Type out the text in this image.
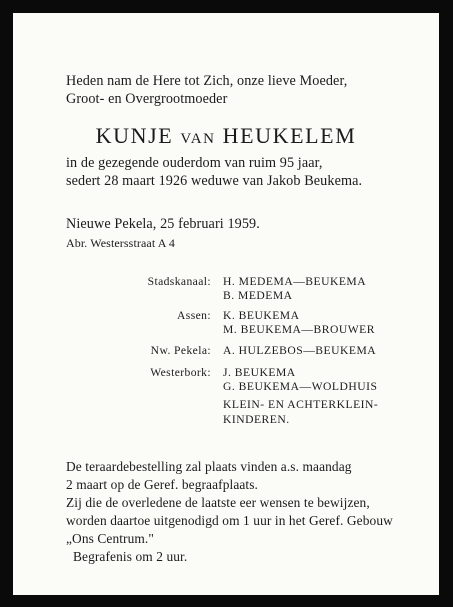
Heden nam de Here tot Zich, onze lieve Moeder,
Groot- en Overgrootmoeder
KUNJE VAN HEUKELEM
in de gezegende ouderdom van ruim 95 jaar,
sedert 28 maart 1926 weduwe van Jakob Beukema.
Nieuwe Pekela, 25 februari 1959.
Abr. Westersstraat A 4
Stadskanaal: H. MEDEMA—BEUKEMA
B. MEDEMA
Assen: K. BEUKEMA
M. BEUKEMA—BROUWER
Nw. Pekela: A. HULZEBOS—BEUKEMA
Westerbork: J. BEUKEMA
G. BEUKEMA—WOLDHUIS
KLEIN- EN ACHTERKLEIN-
KINDEREN.
De teraardebestelling zal plaats vinden a.s. maandag
2 maart op de Geref. begraafplaats.
Zij die de overledene de laatste eer wensen te bewijzen,
worden daartoe uitgenodigd om 1 uur in het Geref. Gebouw
„Ons Centrum."
Begrafenis om 2 uur.
